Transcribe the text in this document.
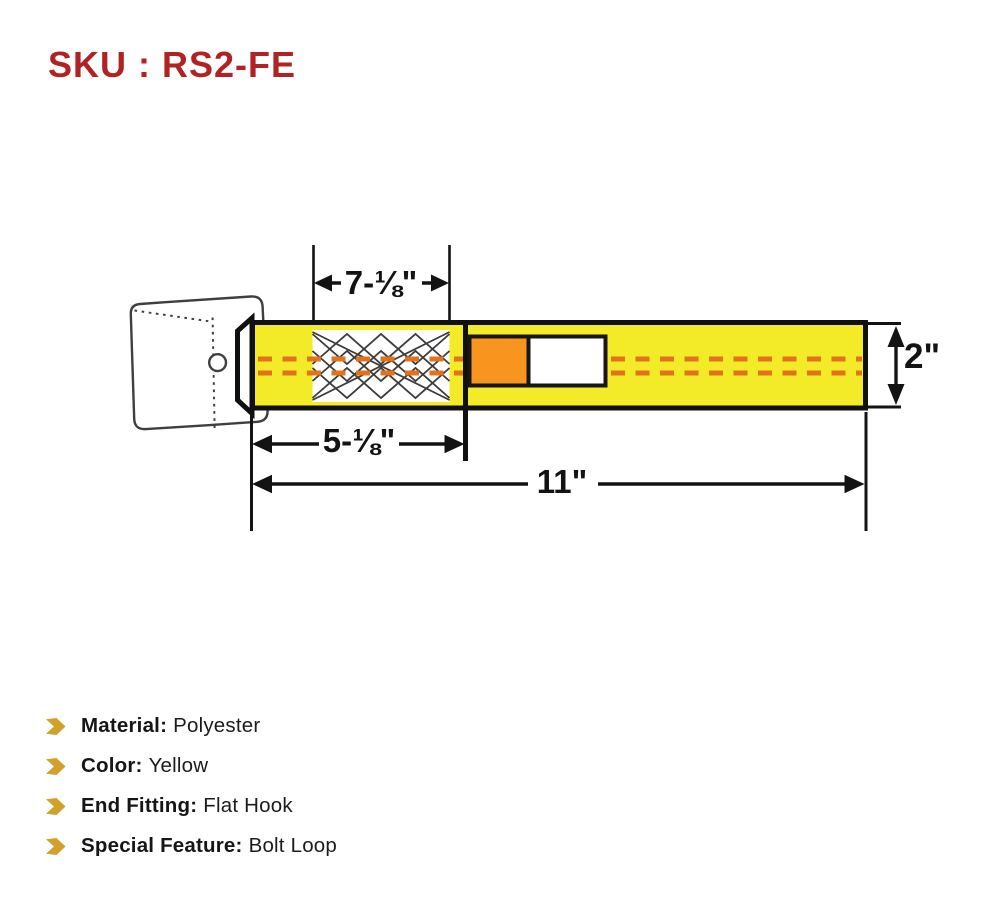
SKU : RS2-FE
7-⅛"
5-⅛"
11"
2"
Material: Polyester
Color: Yellow
End Fitting: Flat Hook
Special Feature: Bolt Loop
